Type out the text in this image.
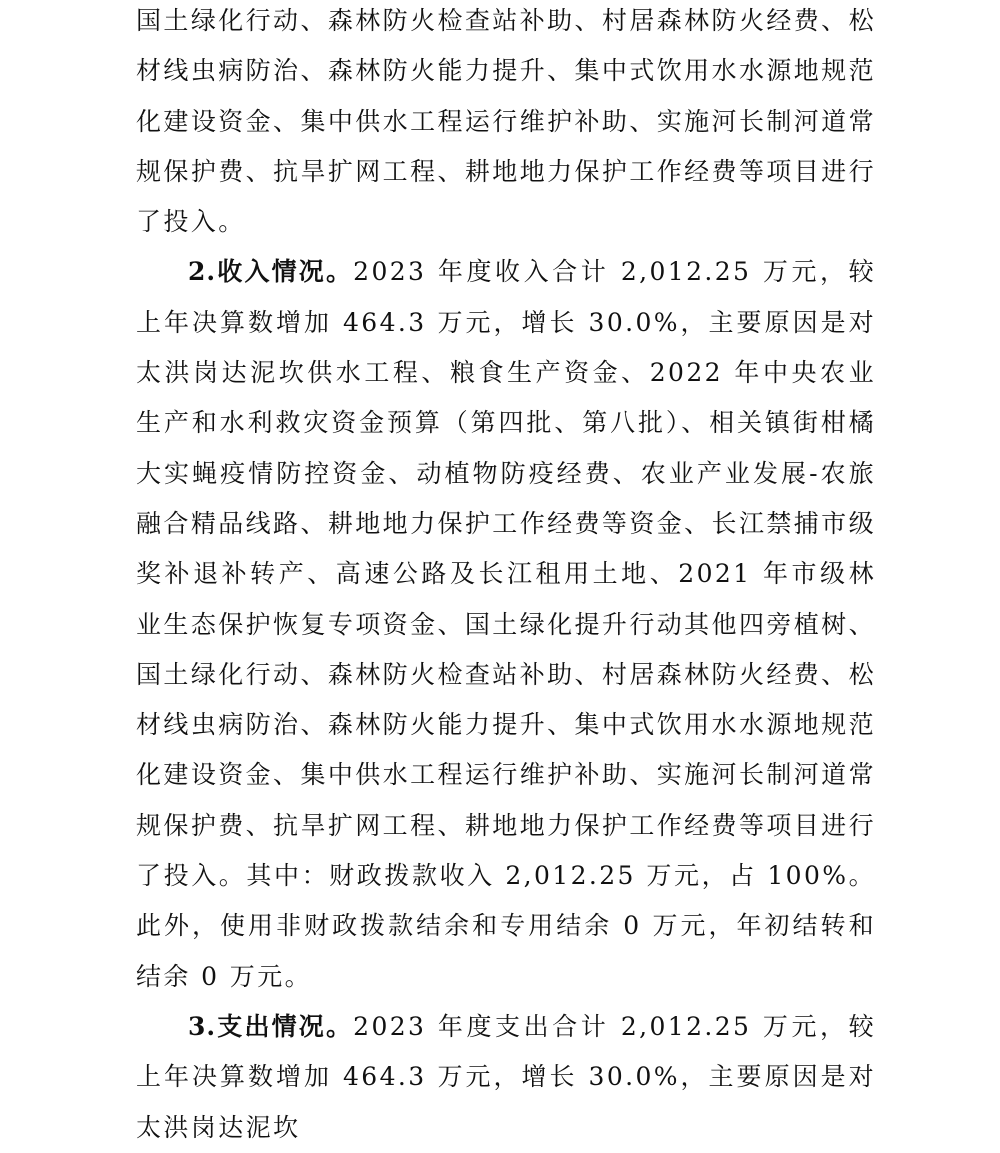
国土绿化行动、森林防火检查站补助、村居森林防火经费、松材线虫病防治、森林防火能力提升、集中式饮用水水源地规范化建设资金、集中供水工程运行维护补助、实施河长制河道常规保护费、抗旱扩网工程、耕地地力保护工作经费等项目进行了投入。

2.收入情况。2023 年度收入合计 2,012.25 万元，较上年决算数增加 464.3 万元，增长 30.0%，主要原因是对太洪岗达泥坎供水工程、粮食生产资金、2022 年中央农业生产和水利救灾资金预算（第四批、第八批）、相关镇街柑橘大实蝇疫情防控资金、动植物防疫经费、农业产业发展-农旅融合精品线路、耕地地力保护工作经费等资金、长江禁捕市级奖补退补转产、高速公路及长江租用土地、2021 年市级林业生态保护恢复专项资金、国土绿化提升行动其他四旁植树、国土绿化行动、森林防火检查站补助、村居森林防火经费、松材线虫病防治、森林防火能力提升、集中式饮用水水源地规范化建设资金、集中供水工程运行维护补助、实施河长制河道常规保护费、抗旱扩网工程、耕地地力保护工作经费等项目进行了投入。其中：财政拨款收入 2,012.25 万元，占 100%。此外，使用非财政拨款结余和专用结余 0 万元，年初结转和结余 0 万元。

3.支出情况。2023 年度支出合计 2,012.25 万元，较上年决算数增加 464.3 万元，增长 30.0%，主要原因是对太洪岗达泥坎
